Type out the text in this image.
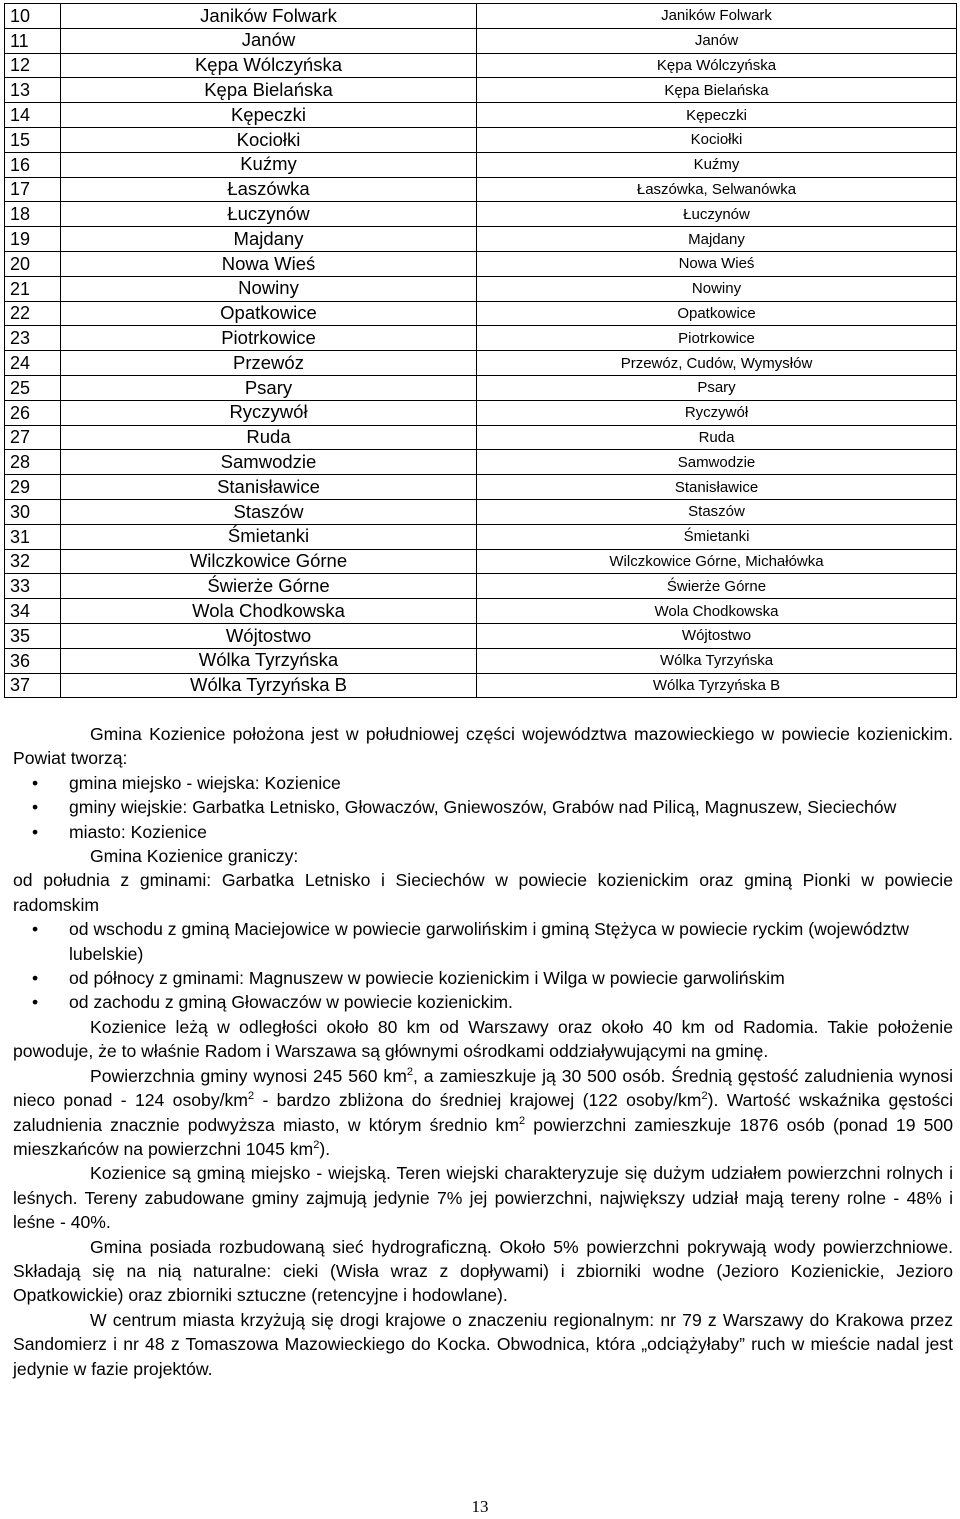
10	Janików Folwark	Janików Folwark
11	Janów	Janów
12	Kępa Wólczyńska	Kępa Wólczyńska
13	Kępa Bielańska	Kępa Bielańska
14	Kępeczki	Kępeczki
15	Kociołki	Kociołki
16	Kuźmy	Kuźmy
17	Łaszówka	Łaszówka, Selwanówka
18	Łuczynów	Łuczynów
19	Majdany	Majdany
20	Nowa Wieś	Nowa Wieś
21	Nowiny	Nowiny
22	Opatkowice	Opatkowice
23	Piotrkowice	Piotrkowice
24	Przewóz	Przewóz, Cudów, Wymysłów
25	Psary	Psary
26	Ryczywół	Ryczywół
27	Ruda	Ruda
28	Samwodzie	Samwodzie
29	Stanisławice	Stanisławice
30	Staszów	Staszów
31	Śmietanki	Śmietanki
32	Wilczkowice Górne	Wilczkowice Górne, Michałówka
33	Świerże Górne	Świerże Górne
34	Wola Chodkowska	Wola Chodkowska
35	Wójtostwo	Wójtostwo
36	Wólka Tyrzyńska	Wólka Tyrzyńska
37	Wólka Tyrzyńska B	Wólka Tyrzyńska B

Gmina Kozienice położona jest w południowej części województwa mazowieckiego w powiecie kozienickim. Powiat tworzą:

• gmina miejsko - wiejska: Kozienice

• gminy wiejskie: Garbatka Letnisko, Głowaczów, Gniewoszów, Grabów nad Pilicą, Magnuszew, Sieciechów

• miasto: Kozienice

Gmina Kozienice graniczy:

od południa z gminami: Garbatka Letnisko i Sieciechów w powiecie kozienickim oraz gminą Pionki w powiecie radomskim

• od wschodu z gminą Maciejowice w powiecie garwolińskim i gminą Stężyca w powiecie ryckim (województw lubelskie)

• od północy z gminami: Magnuszew w powiecie kozienickim i Wilga w powiecie garwolińskim

• od zachodu z gminą Głowaczów w powiecie kozienickim.

Kozienice leżą w odległości około 80 km od Warszawy oraz około 40 km od Radomia. Takie położenie powoduje, że to właśnie Radom i Warszawa są głównymi ośrodkami oddziaływującymi na gminę.

Powierzchnia gminy wynosi 245 560 $km^2$, a zamieszkuje ją 30 500 osób. Średnią gęstość zaludnienia wynosi nieco ponad - 124 osoby/$km^2$ - bardzo zbliżona do średniej krajowej (122 osoby/$km^2$). Wartość wskaźnika gęstości zaludnienia znacznie podwyższa miasto, w którym średnio $km^2$ powierzchni zamieszkuje 1876 osób (ponad 19 500 mieszkańców na powierzchni 1045 $km^2$).

Kozienice są gminą miejsko - wiejską. Teren wiejski charakteryzuje się dużym udziałem powierzchni rolnych i leśnych. Tereny zabudowane gminy zajmują jedynie 7% jej powierzchni, największy udział mają tereny rolne - 48% i leśne - 40%.

Gmina posiada rozbudowaną sieć hydrograficzną. Około 5% powierzchni pokrywają wody powierzchniowe. Składają się na nią naturalne: cieki (Wisła wraz z dopływami) i zbiorniki wodne (Jezioro Kozienickie, Jezioro Opatkowickie) oraz zbiorniki sztuczne (retencyjne i hodowlane).

W centrum miasta krzyżują się drogi krajowe o znaczeniu regionalnym: nr 79 z Warszawy do Krakowa przez Sandomierz i nr 48 z Tomaszowa Mazowieckiego do Kocka. Obwodnica, która „odciążyłaby” ruch w mieście nadal jest jedynie w fazie projektów.

13
